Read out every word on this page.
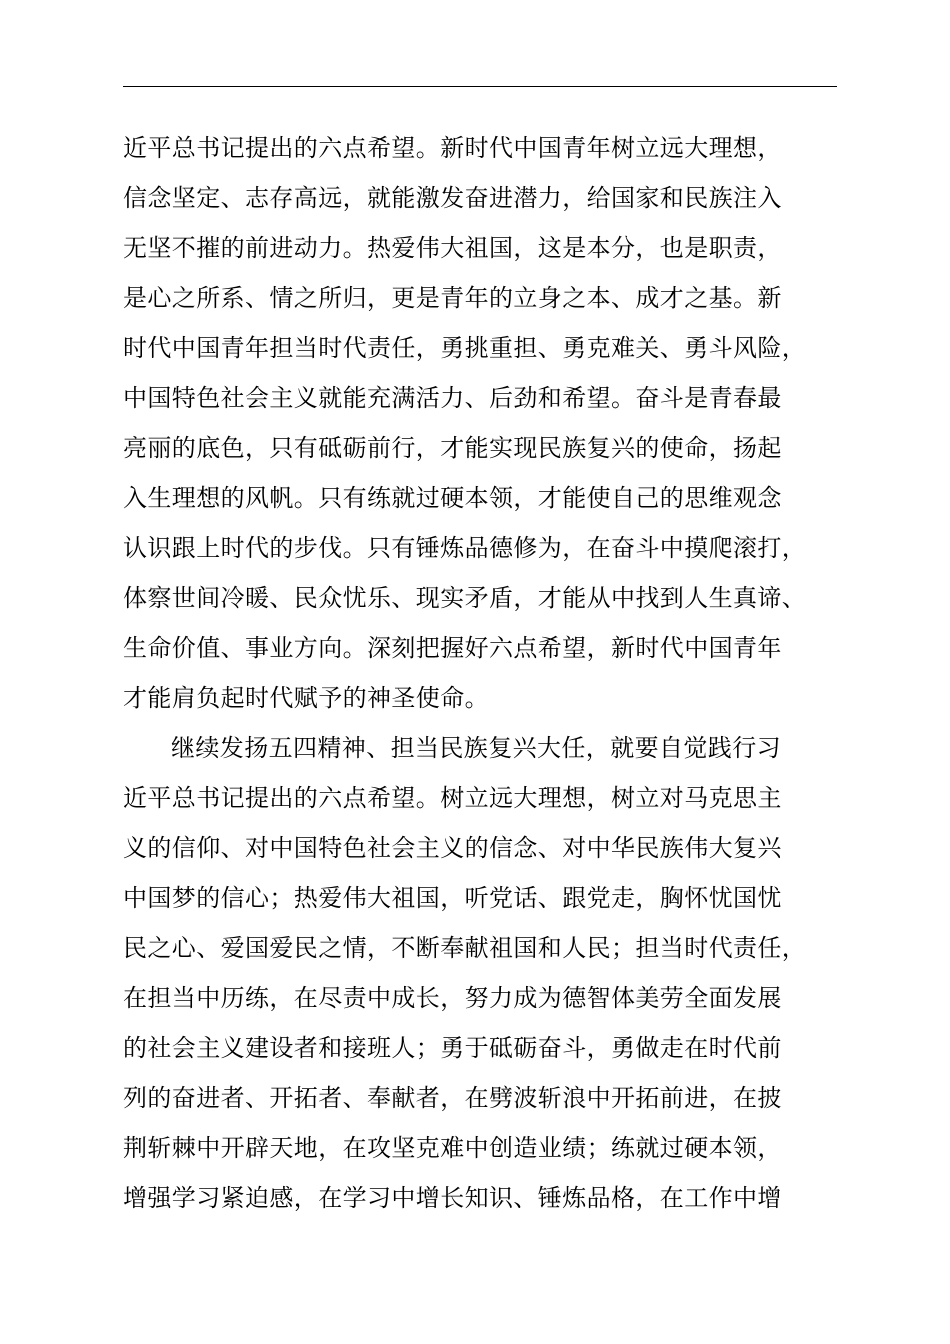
近平总书记提出的六点希望。新时代中国青年树立远大理想，
信念坚定、志存高远，就能激发奋进潜力，给国家和民族注入
无坚不摧的前进动力。热爱伟大祖国，这是本分，也是职责，
是心之所系、情之所归，更是青年的立身之本、成才之基。新
时代中国青年担当时代责任，勇挑重担、勇克难关、勇斗风险，
中国特色社会主义就能充满活力、后劲和希望。奋斗是青春最
亮丽的底色，只有砥砺前行，才能实现民族复兴的使命，扬起
入生理想的风帆。只有练就过硬本领，才能使自己的思维观念
认识跟上时代的步伐。只有锤炼品德修为，在奋斗中摸爬滚打，
体察世间冷暖、民众忧乐、现实矛盾，才能从中找到人生真谛、
生命价值、事业方向。深刻把握好六点希望，新时代中国青年
才能肩负起时代赋予的神圣使命。
继续发扬五四精神、担当民族复兴大任，就要自觉践行习
近平总书记提出的六点希望。树立远大理想，树立对马克思主
义的信仰、对中国特色社会主义的信念、对中华民族伟大复兴
中国梦的信心；热爱伟大祖国，听党话、跟党走，胸怀忧国忧
民之心、爱国爱民之情，不断奉献祖国和人民；担当时代责任，
在担当中历练，在尽责中成长，努力成为德智体美劳全面发展
的社会主义建设者和接班人；勇于砥砺奋斗，勇做走在时代前
列的奋进者、开拓者、奉献者，在劈波斩浪中开拓前进，在披
荆斩棘中开辟天地，在攻坚克难中创造业绩；练就过硬本领，
增强学习紧迫感，在学习中增长知识、锤炼品格，在工作中增
